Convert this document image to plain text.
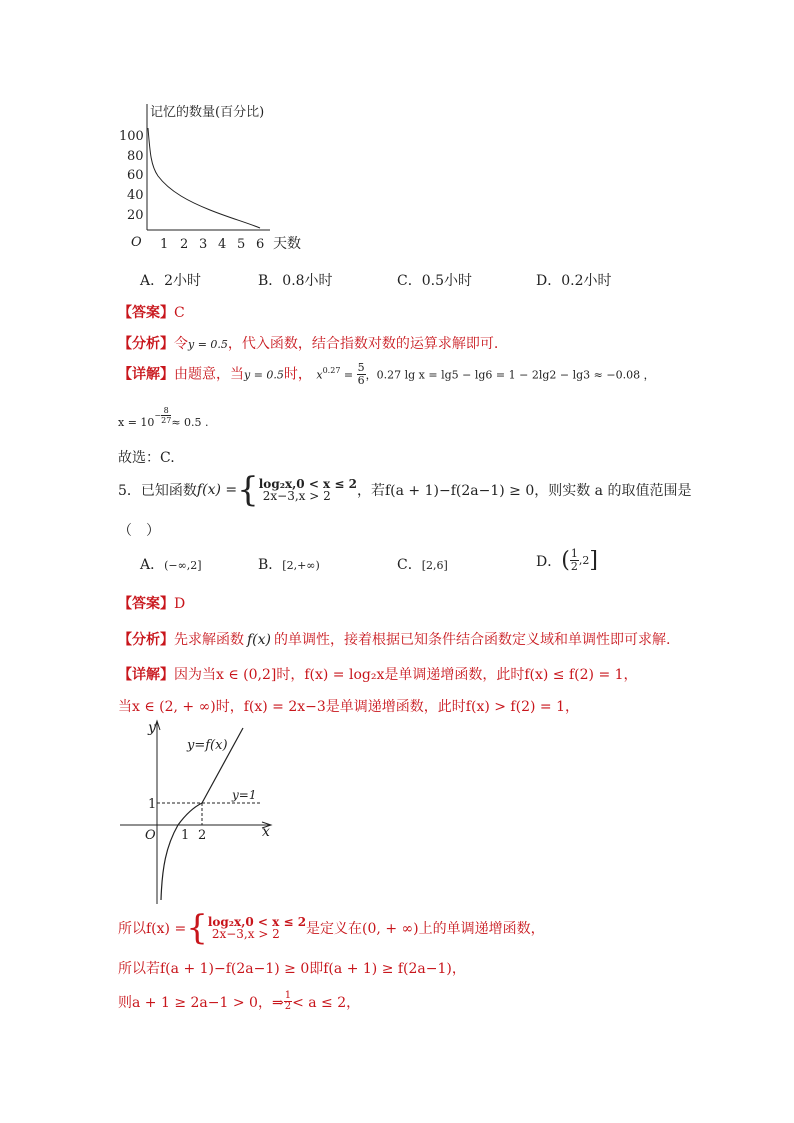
100
80
60
40
20
O 1 2 3 4 5 6 天数
记忆的数量(百分比)
A．2小时	B．0.8小时	C．0.5小时	D．0.2小时
【答案】C
【分析】令y = 0.5，代入函数，结合指数对数的运算求解即可.
【详解】由题意，当y = 0.5时， $x^{0.27} = \frac{5}{6}$ ，0.27 lg x = lg5 − lg6 = 1 − 2lg2 − lg3 ≈ −0.08 ，
$x = 10^{- \frac{8}{27}} \approx 0.5$ .
故选：C.
5．已知函数 f(x) = { log₂x,0 < x ≤ 2
2x−3,x > 2	，若f(a + 1)−f(2a−1) ≥ 0，则实数 a 的取值范围是
（　）
A．(−∞,2]	B．[2,+∞)	C．[2,6]	D． ( $\frac{1}{2} ,2$ ]
【答案】D
【分析】先求解函数 f(x) 的单调性，接着根据已知条件结合函数定义域和单调性即可求解.
【详解】因为当x ∈ (0,2]时，f(x) = log₂x是单调递增函数，此时f(x) ≤ f(2) = 1，
当x ∈ (2, + ∞)时，f(x) = 2x−3是单调递增函数，此时f(x) > f(2) = 1，
y
x
O
1
1 2
y=f(x)
y=1
所以f(x) = { log₂x,0 < x ≤ 2
2x−3,x > 2	是定义在(0, + ∞)上的单调递增函数，
所以若f(a + 1)−f(2a−1) ≥ 0即f(a + 1) ≥ f(2a−1)，
则a + 1 ≥ 2a−1 > 0，⇒ $\frac{1}{2} < a \le 2$，
